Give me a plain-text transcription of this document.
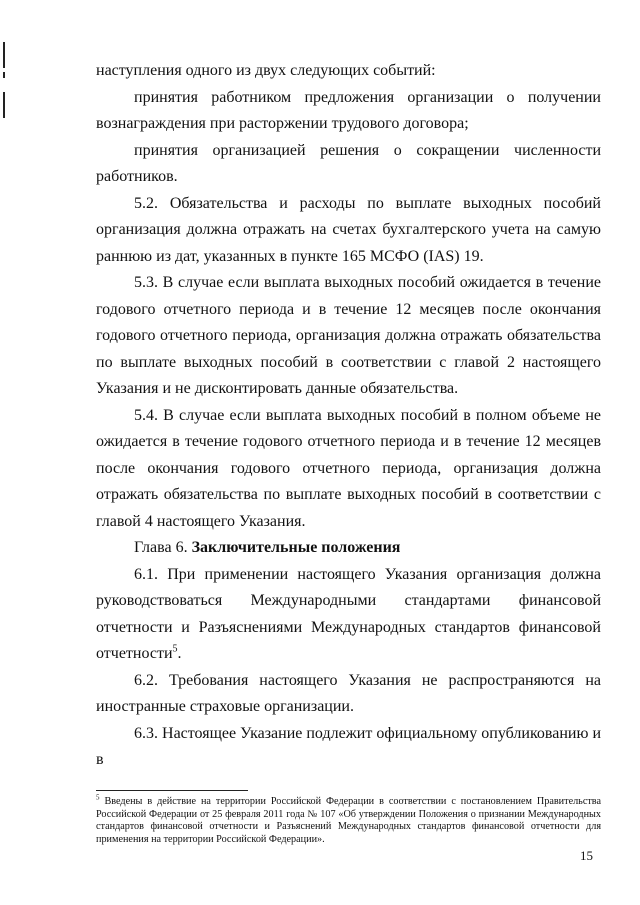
наступления одного из двух следующих событий:

принятия работником предложения организации о получении вознаграждения при расторжении трудового договора;

принятия организацией решения о сокращении численности работников.

5.2. Обязательства и расходы по выплате выходных пособий организация должна отражать на счетах бухгалтерского учета на самую раннюю из дат, указанных в пункте 165 МСФО (IAS) 19.

5.3. В случае если выплата выходных пособий ожидается в течение годового отчетного периода и в течение 12 месяцев после окончания годового отчетного периода, организация должна отражать обязательства по выплате выходных пособий в соответствии с главой 2 настоящего Указания и не дисконтировать данные обязательства.

5.4. В случае если выплата выходных пособий в полном объеме не ожидается в течение годового отчетного периода и в течение 12 месяцев после окончания годового отчетного периода, организация должна отражать обязательства по выплате выходных пособий в соответствии с главой 4 настоящего Указания.

Глава 6. Заключительные положения

6.1. При применении настоящего Указания организация должна руководствоваться Международными стандартами финансовой отчетности и Разъяснениями Международных стандартов финансовой отчетности$^5$.

6.2. Требования настоящего Указания не распространяются на иностранные страховые организации.

6.3. Настоящее Указание подлежит официальному опубликованию и в

$^5$ Введены в действие на территории Российской Федерации в соответствии с постановлением Правительства Российской Федерации от 25 февраля 2011 года № 107 «Об утверждении Положения о признании Международных стандартов финансовой отчетности и Разъяснений Международных стандартов финансовой отчетности для применения на территории Российской Федерации».
15
